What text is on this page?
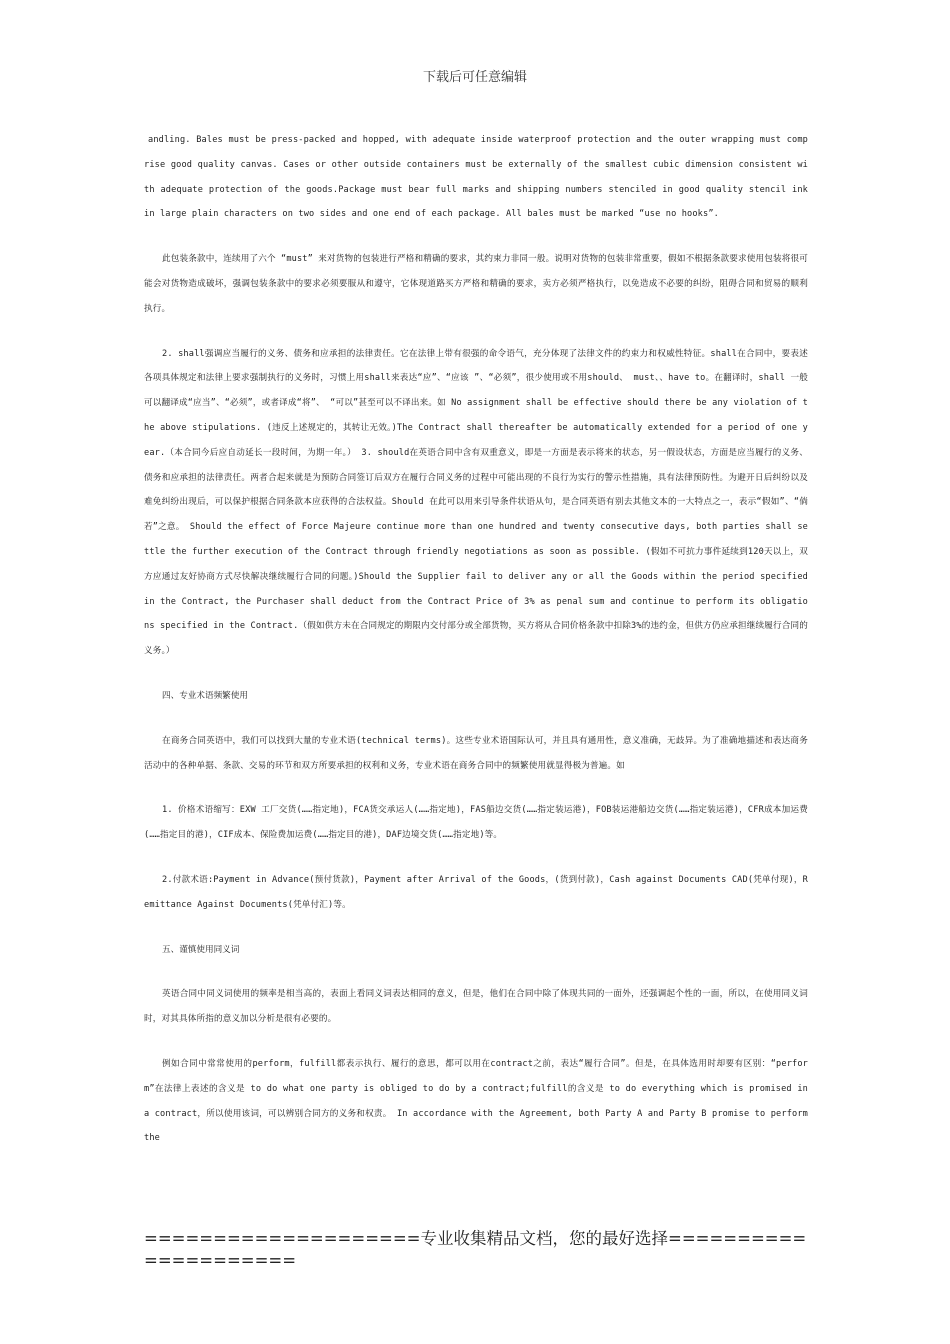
下载后可任意编辑

andling. Bales must be press-packed and hopped, with adequate inside waterproof protection and the outer wrapping must comprise good quality canvas. Cases or other outside containers must be externally of the smallest cubic dimension consistent with adequate protection of the goods.Package must bear full marks and shipping numbers stenciled in good quality stencil ink in large plain characters on two sides and one end of each package. All bales must be marked “use no hooks”.

此包装条款中，连续用了六个 “must” 来对货物的包装进行严格和精确的要求，其约束力非同一般。说明对货物的包装非常重要，假如不根据条款要求使用包装将很可能会对货物造成破坏，强调包装条款中的要求必须要服从和遵守，它体现道路买方严格和精确的要求，卖方必须严格执行，以免造成不必要的纠纷，阻碍合同和贸易的顺利执行。

2. shall强调应当履行的义务、债务和应承担的法律责任。它在法律上带有很强的命令语气，充分体现了法律文件的约束力和权威性特征。shall在合同中，要表述各项具体规定和法律上要求强制执行的义务时，习惯上用shall来表达“应”、“应该 ”、“必须”，很少使用或不用should、 must、、have to。在翻译时，shall 一般可以翻译成“应当”、“必须”，或者译成“将”、 “可以”甚至可以不译出来。如 No assignment shall be effective should there be any violation of the above stipulations. (违反上述规定的，其转让无效。)The Contract shall thereafter be automatically extended for a period of one year.（本合同今后应自动延长一段时间，为期一年。） 3. should在英语合同中含有双重意义，即是一方面是表示将来的状态，另一假设状态，方面是应当履行的义务、债务和应承担的法律责任。两者合起来就是为预防合同签订后双方在履行合同义务的过程中可能出现的不良行为实行的警示性措施，具有法律预防性。为避开日后纠纷以及难免纠纷出现后，可以保护根据合同条款本应获得的合法权益。Should 在此可以用来引导条件状语从句，是合同英语有别去其他文本的一大特点之一，表示“假如”、“倘若”之意。 Should the effect of Force Majeure continue more than one hundred and twenty consecutive days, both parties shall settle the further execution of the Contract through friendly negotiations as soon as possible. (假如不可抗力事件延续到120天以上，双方应通过友好协商方式尽快解决继续履行合同的问题。)Should the Supplier fail to deliver any or all the Goods within the period specified in the Contract, the Purchaser shall deduct from the Contract Price of 3% as penal sum and continue to perform its obligations specified in the Contract.（假如供方未在合同规定的期限内交付部分或全部货物，买方将从合同价格条款中扣除3%的违约金，但供方仍应承担继续履行合同的义务。）

四、专业术语频繁使用

在商务合同英语中，我们可以找到大量的专业术语(technical terms)。这些专业术语国际认可，并且具有通用性，意义准确，无歧异。为了准确地描述和表达商务活动中的各种单据、条款、交易的环节和双方所要承担的权利和义务，专业术语在商务合同中的频繁使用就显得极为普遍。如

1. 价格术语缩写：EXW 工厂交货(……指定地)，FCA货交承运人(……指定地)，FAS船边交货(……指定装运港)，FOB装运港船边交货(……指定装运港)，CFR成本加运费(……指定目的港)，CIF成本、保险费加运费(……指定目的港)，DAF边境交货(……指定地)等。

2.付款术语:Payment in Advance(预付货款)，Payment after Arrival of the Goods，(货到付款)，Cash against Documents CAD(凭单付现)，Remittance Against Documents(凭单付汇)等。

五、谨慎使用同义词

英语合同中同义词使用的频率是相当高的，表面上看同义词表达相同的意义，但是，他们在合同中除了体现共同的一面外，还强调起个性的一面，所以，在使用同义词时，对其具体所指的意义加以分析是很有必要的。

例如合同中常常使用的perform，fulfill都表示执行、履行的意思，都可以用在contract之前，表达“履行合同”。但是，在具体选用时却要有区别：“perform”在法律上表述的含义是 to do what one party is obliged to do by a contract;fulfill的含义是 to do everything which is promised in a contract，所以使用该词，可以辨别合同方的义务和权责。 In accordance with the Agreement, both Party A and Party B promise to perform the

====================专业收集精品文档，您的最好选择=====================
